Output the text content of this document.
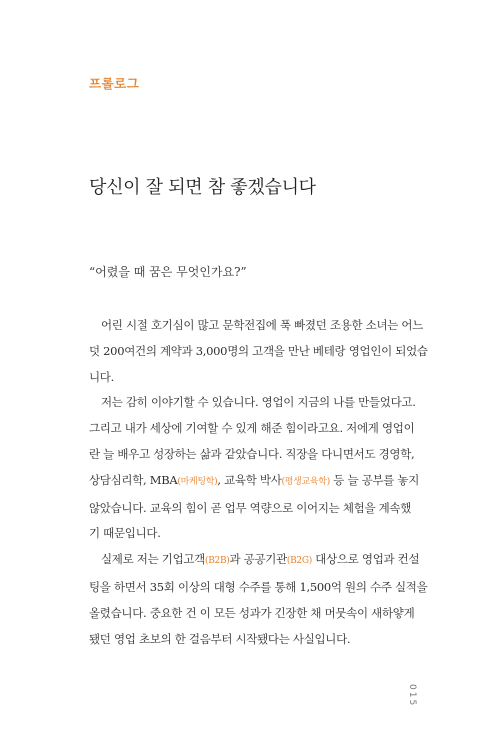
프롤로그
당신이 잘 되면 참 좋겠습니다
“어렸을 때 꿈은 무엇인가요?”
어린 시절 호기심이 많고 문학전집에 푹 빠졌던 조용한 소녀는 어느
덧 200여건의 계약과 3,000명의 고객을 만난 베테랑 영업인이 되었습
니다.
저는 감히 이야기할 수 있습니다. 영업이 지금의 나를 만들었다고.
그리고 내가 세상에 기여할 수 있게 해준 힘이라고요. 저에게 영업이
란 늘 배우고 성장하는 삶과 같았습니다. 직장을 다니면서도 경영학,
상담심리학, MBA(마케팅학), 교육학 박사(평생교육학) 등 늘 공부를 놓지
않았습니다. 교육의 힘이 곧 업무 역량으로 이어지는 체험을 계속했
기 때문입니다.
실제로 저는 기업고객(B2B)과 공공기관(B2G) 대상으로 영업과 컨설
팅을 하면서 35회 이상의 대형 수주를 통해 1,500억 원의 수주 실적을
올렸습니다. 중요한 건 이 모든 성과가 긴장한 채 머뭇속이 새하얗게
됐던 영업 초보의 한 걸음부터 시작됐다는 사실입니다.
015
